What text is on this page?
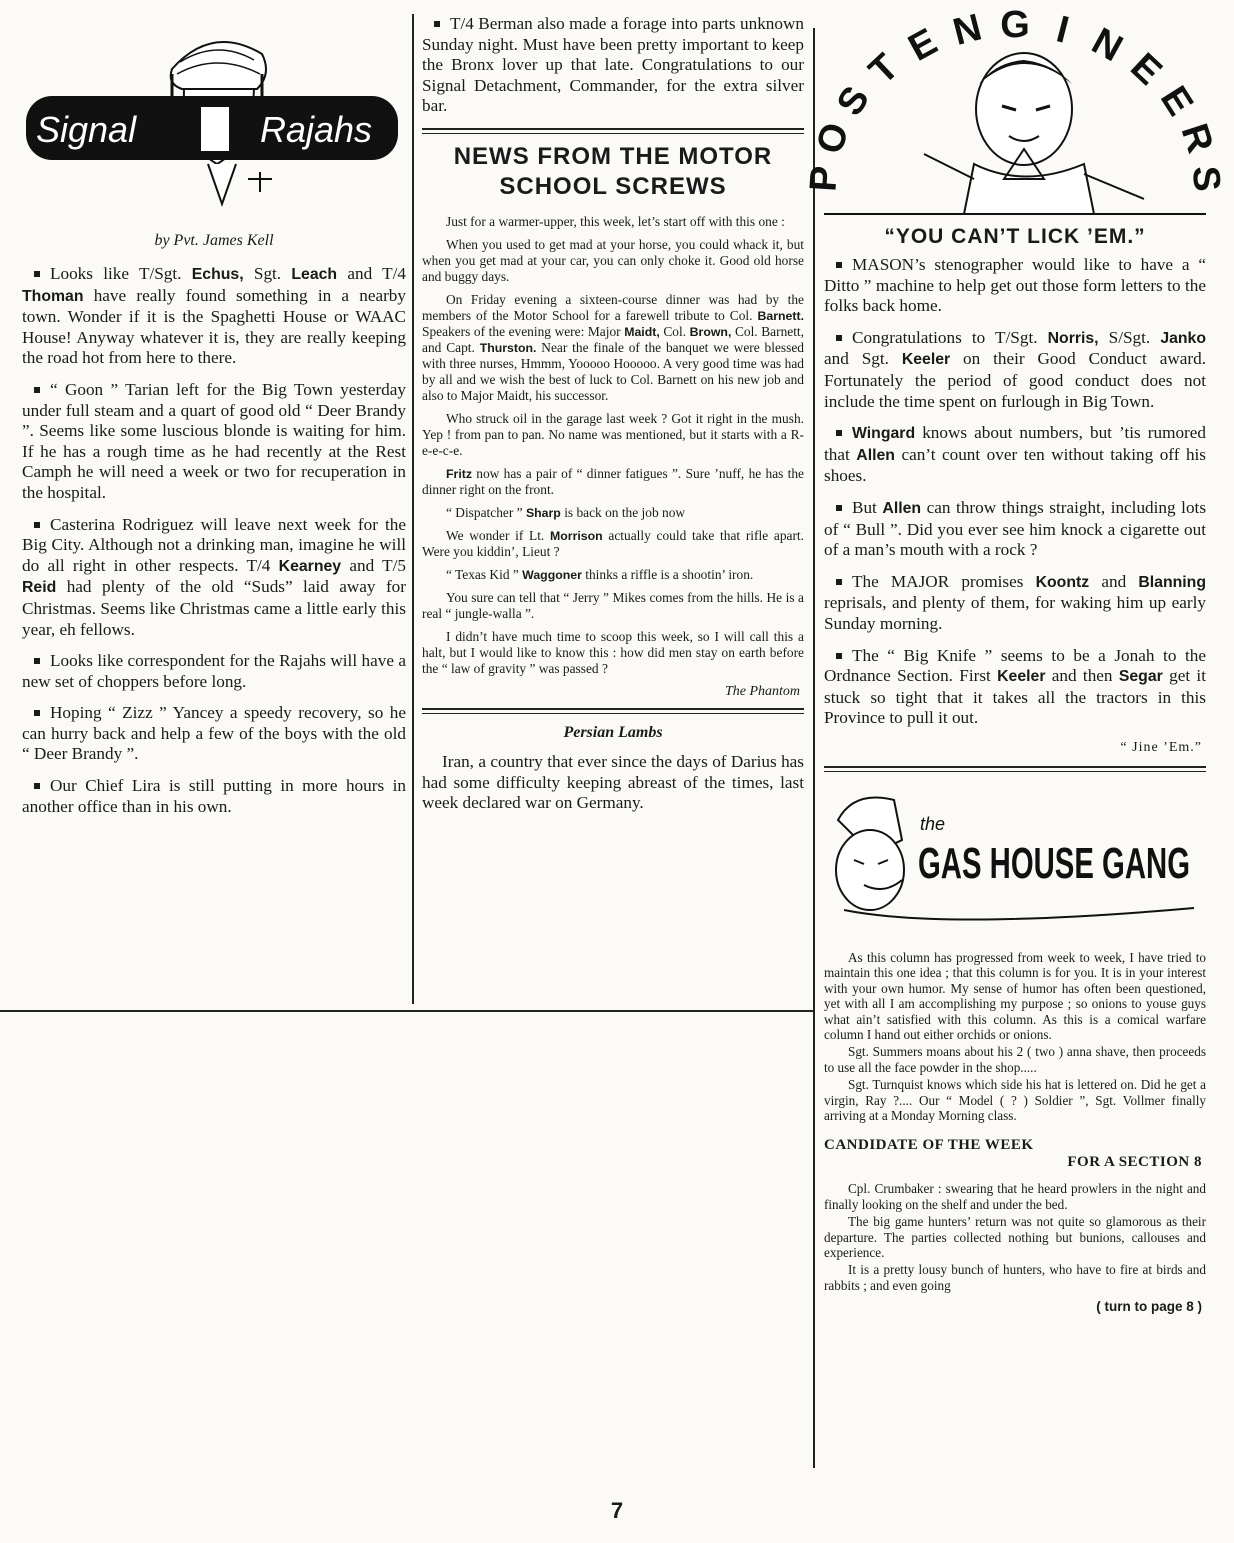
Signal	Rajahs
by Pvt. James Kell

Looks like T/Sgt. Echus, Sgt. Leach and T/4 Thoman have really found something in a nearby town. Wonder if it is the Spaghetti House or WAAC House! Anyway whatever it is, they are really keeping the road hot from here to there.

“ Goon ” Tarian left for the Big Town yesterday under full steam and a quart of good old “ Deer Brandy ”. Seems like some luscious blonde is waiting for him. If he has a rough time as he had recently at the Rest Camph he will need a week or two for recuperation in the hospital.

Casterina Rodriguez will leave next week for the Big City. Although not a drinking man, imagine he will do all right in other respects. T/4 Kearney and T/5 Reid had plenty of the old “Suds” laid away for Christmas. Seems like Christmas came a little early this year, eh fellows.

Looks like correspondent for the Rajahs will have a new set of choppers before long.

Hoping “ Zizz ” Yancey a speedy recovery, so he can hurry back and help a few of the boys with the old “ Deer Brandy ”.

Our Chief Lira is still putting in more hours in another office than in his own.

T/4 Berman also made a forage into parts unknown Sunday night. Must have been pretty important to keep the Bronx lover up that late. Congratulations to our Signal Detachment, Commander, for the extra silver bar.

NEWS FROM THE MOTOR SCHOOL SCREWS

Just for a warmer-upper, this week, let’s start off with this one :

When you used to get mad at your horse, you could whack it, but when you get mad at your car, you can only choke it. Good old horse and buggy days.

On Friday evening a sixteen-course dinner was had by the members of the Motor School for a farewell tribute to Col. Barnett. Speakers of the evening were: Major Maidt, Col. Brown, Col. Barnett, and Capt. Thurston. Near the finale of the banquet we were blessed with three nurses, Hmmm, Yooooo Hooooo. A very good time was had by all and we wish the best of luck to Col. Barnett on his new job and also to Major Maidt, his successor.

Who struck oil in the garage last week ? Got it right in the mush. Yep ! from pan to pan. No name was mentioned, but it starts with a R-e-e-c-e.

Fritz now has a pair of “ dinner fatigues ”. Sure ’nuff, he has the dinner right on the front.

“ Dispatcher ” Sharp is back on the job now

We wonder if Lt. Morrison actually could take that rifle apart. Were you kiddin’, Lieut ?

“ Texas Kid ” Waggoner thinks a riffle is a shootin’ iron.

You sure can tell that “ Jerry ” Mikes comes from the hills. He is a real “ jungle-walla ”.

I didn’t have much time to scoop this week, so I will call this a halt, but I would like to know this : how did men stay on earth before the “ law of gravity ” was passed ?

The Phantom
Persian Lambs

Iran, a country that ever since the days of Darius has had some difficulty keeping abreast of the times, last week declared war on Germany.

P
O
S
T
E N G I N
E
E
R
S
“YOU CAN’T LICK ’EM.”

MASON’s stenographer would like to have a “ Ditto ” machine to help get out those form letters to the folks back home.

Congratulations to T/Sgt. Norris, S/Sgt. Janko and Sgt. Keeler on their Good Conduct award. Fortunately the period of good conduct does not include the time spent on furlough in Big Town.

Wingard knows about numbers, but ’tis rumored that Allen can’t count over ten without taking off his shoes.

But Allen can throw things straight, including lots of “ Bull ”. Did you ever see him knock a cigarette out of a man’s mouth with a rock ?

The MAJOR promises Koontz and Blanning reprisals, and plenty of them, for waking him up early Sunday morning.

The “ Big Knife ” seems to be a Jonah to the Ordnance Section. First Keeler and then Segar get it stuck so tight that it takes all the tractors in this Province to pull it out.

“ Jine ’Em.”
the
GAS HOUSE GANG

As this column has progressed from week to week, I have tried to maintain this one idea ; that this column is for you. It is in your interest with your own humor. My sense of humor has often been questioned, yet with all I am accomplishing my purpose ; so onions to youse guys what ain’t satisfied with this column. As this is a comical warfare column I hand out either orchids or onions.

Sgt. Summers moans about his 2 ( two ) anna shave, then proceeds to use all the face powder in the shop.....

Sgt. Turnquist knows which side his hat is lettered on. Did he get a virgin, Ray ?.... Our “ Model ( ? ) Soldier ”, Sgt. Vollmer finally arriving at a Monday Morning class.

CANDIDATE OF THE WEEK
FOR A SECTION 8

Cpl. Crumbaker : swearing that he heard prowlers in the night and finally looking on the shelf and under the bed.

The big game hunters’ return was not quite so glamorous as their departure. The parties collected nothing but bunions, callouses and experience.

It is a pretty lousy bunch of hunters, who have to fire at birds and rabbits ; and even going

( turn to page 8 )
7
